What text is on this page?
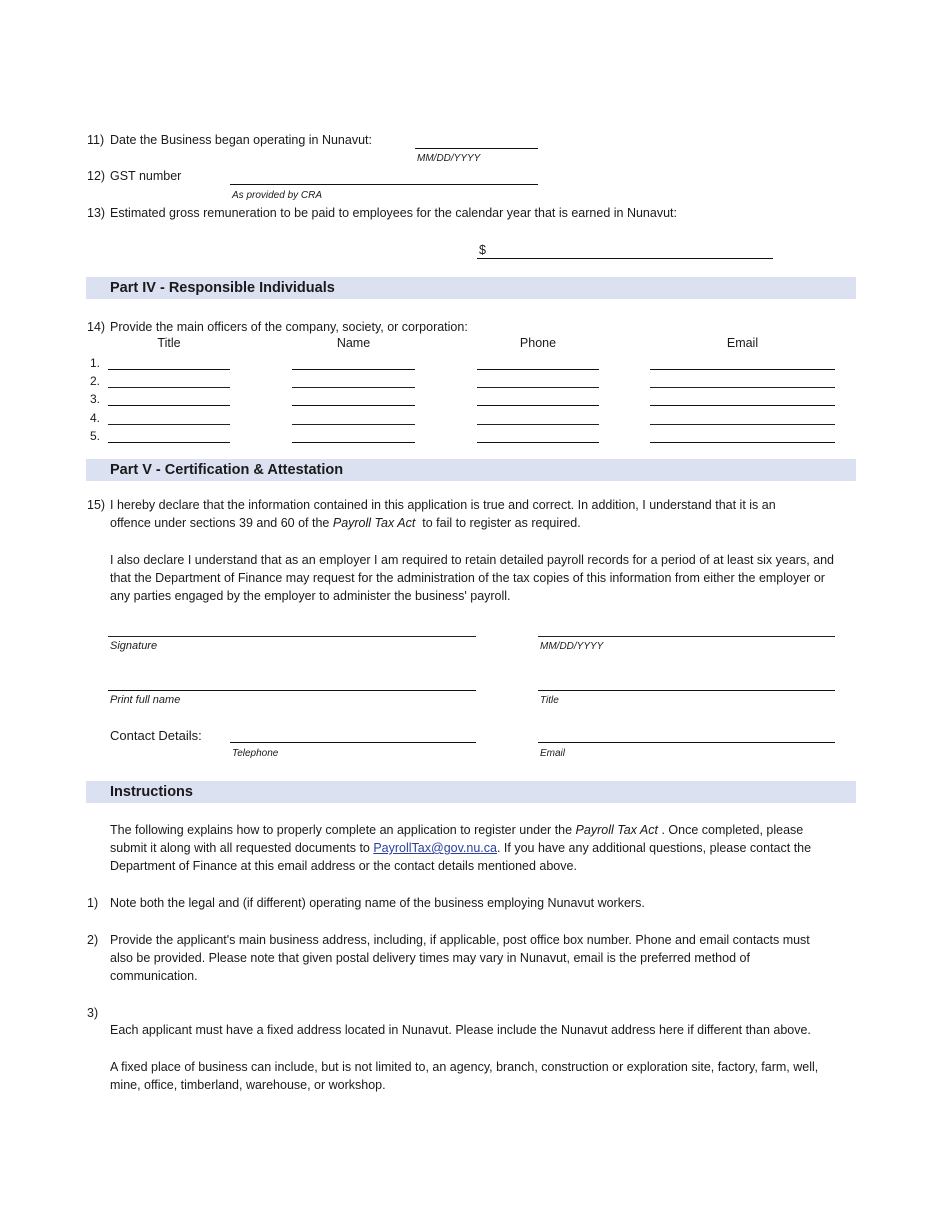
11) Date the Business began operating in Nunavut:
MM/DD/YYYY
12) GST number
As provided by CRA
13) Estimated gross remuneration to be paid to employees for the calendar year that is earned in Nunavut:
$
Part IV - Responsible Individuals
14) Provide the main officers of the company, society, or corporation:
Title	Name	Phone	Email
1.
2.
3.
4.
5.
Part V - Certification & Attestation
15) I hereby declare that the information contained in this application is true and correct. In addition, I understand that it is an
offence under sections 39 and 60 of the Payroll Tax Act  to fail to register as required.
I also declare I understand that as an employer I am required to retain detailed payroll records for a period of at least six years, and that the Department of Finance may request for the administration of the tax copies of this information from either the employer or any parties engaged by the employer to administer the business' payroll.
Signature	MM/DD/YYYY
Print full name	Title
Contact Details:
Telephone	Email
Instructions
The following explains how to properly complete an application to register under the Payroll Tax Act . Once completed, please submit it along with all requested documents to PayrollTax@gov.nu.ca. If you have any additional questions, please contact the Department of Finance at this email address or the contact details mentioned above.
1) Note both the legal and (if different) operating name of the business employing Nunavut workers.
2) Provide the applicant's main business address, including, if applicable, post office box number. Phone and email contacts must also be provided. Please note that given postal delivery times may vary in Nunavut, email is the preferred method of communication.
3)
Each applicant must have a fixed address located in Nunavut. Please include the Nunavut address here if different than above.
A fixed place of business can include, but is not limited to, an agency, branch, construction or exploration site, factory, farm, well, mine, office, timberland, warehouse, or workshop.
